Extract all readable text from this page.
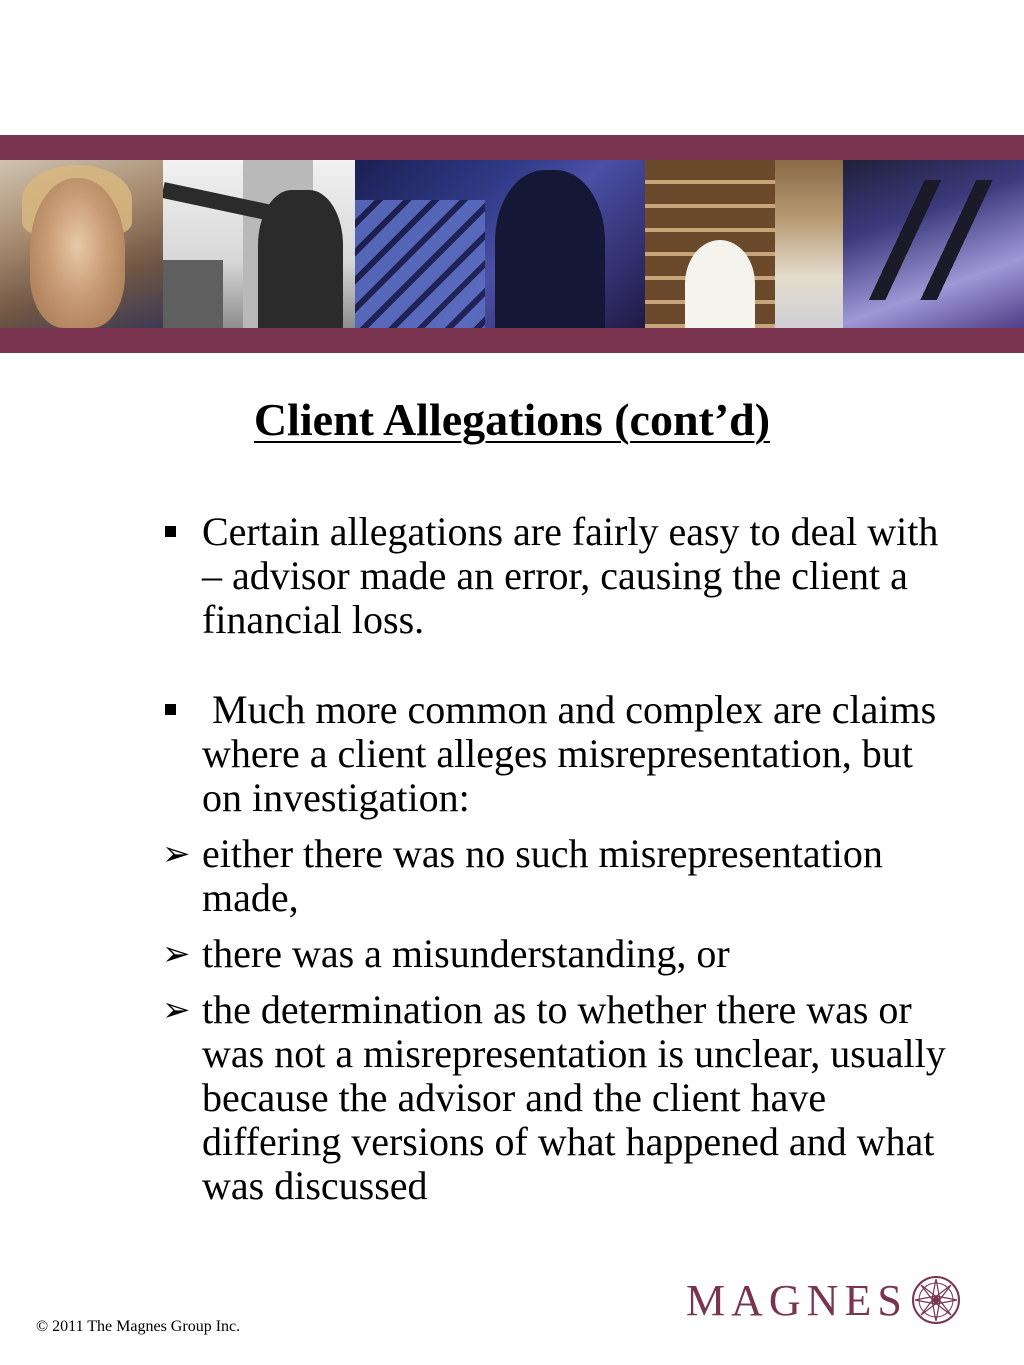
Client Allegations (cont’d)
Certain allegations are fairly easy to deal with – advisor made an error, causing the client a financial loss.
Much more common and complex are claims where a client alleges misrepresentation, but on investigation:
➢ either there was no such misrepresentation made,
➢ there was a misunderstanding, or
➢ the determination as to whether there was or was not a misrepresentation is unclear, usually because the advisor and the client have differing versions of what happened and what was discussed
© 2011 The Magnes Group Inc.
MAGNES
